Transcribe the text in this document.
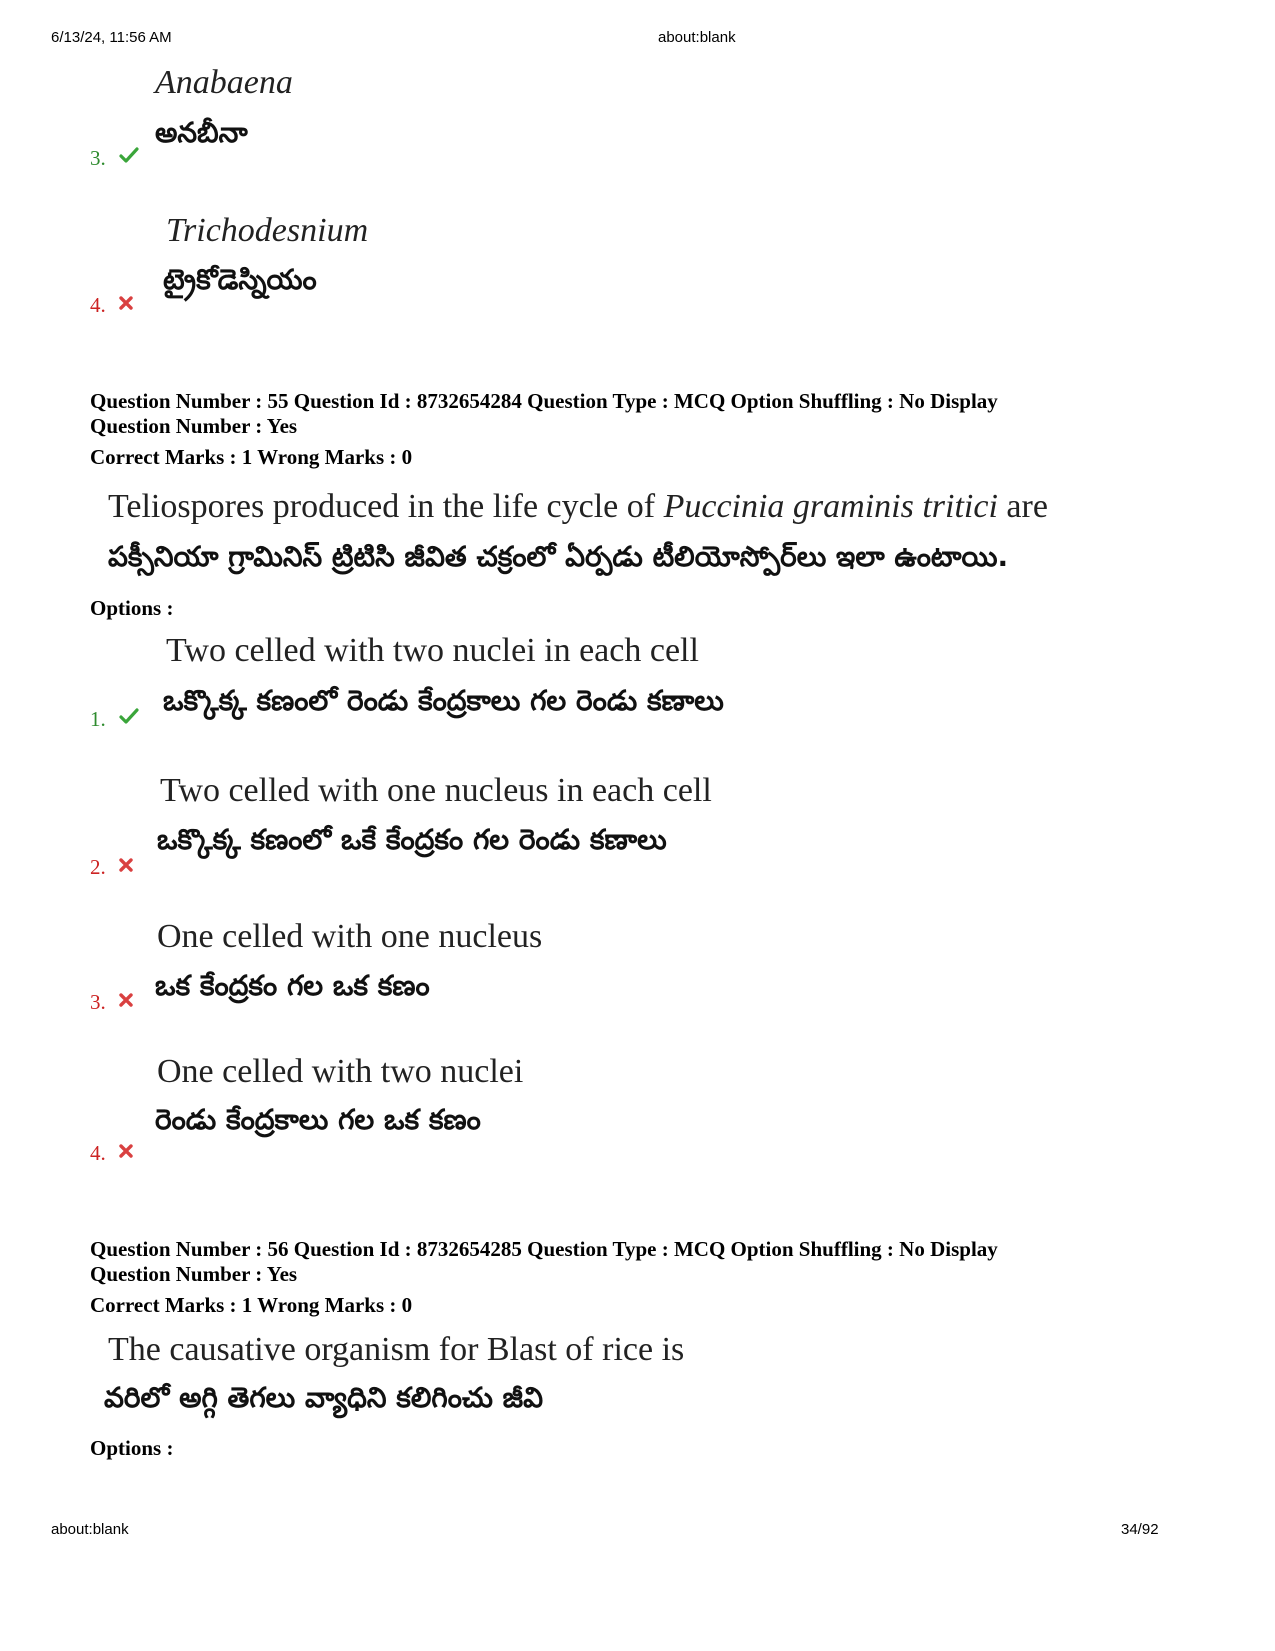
6/13/24, 11:56 AM	about:blank
Anabaena
అనబీనా
3.
Trichodesnium
ట్రైకోడెస్నియం
4.
Question Number : 55 Question Id : 8732654284 Question Type : MCQ Option Shuffling : No Display
Question Number : Yes
Correct Marks : 1 Wrong Marks : 0
Teliospores produced in the life cycle of Puccinia graminis tritici are
పక్సీనియా గ్రామినిస్ ట్రిటిసి జీవిత చక్రంలో ఏర్పడు టీలియోస్పోర్‌లు ఇలా ఉంటాయి.
Options :
Two celled with two nuclei in each cell
ఒక్కొక్క కణంలో రెండు కేంద్రకాలు గల రెండు కణాలు
1.
Two celled with one nucleus in each cell
ఒక్కొక్క కణంలో ఒకే కేంద్రకం గల రెండు కణాలు
2.
One celled with one nucleus
ఒక కేంద్రకం గల ఒక కణం
3.
One celled with two nuclei
రెండు కేంద్రకాలు గల ఒక కణం
4.
Question Number : 56 Question Id : 8732654285 Question Type : MCQ Option Shuffling : No Display
Question Number : Yes
Correct Marks : 1 Wrong Marks : 0
The causative organism for Blast of rice is
వరిలో అగ్గి తెగలు వ్యాధిని కలిగించు జీవి
Options :
about:blank	34/92
